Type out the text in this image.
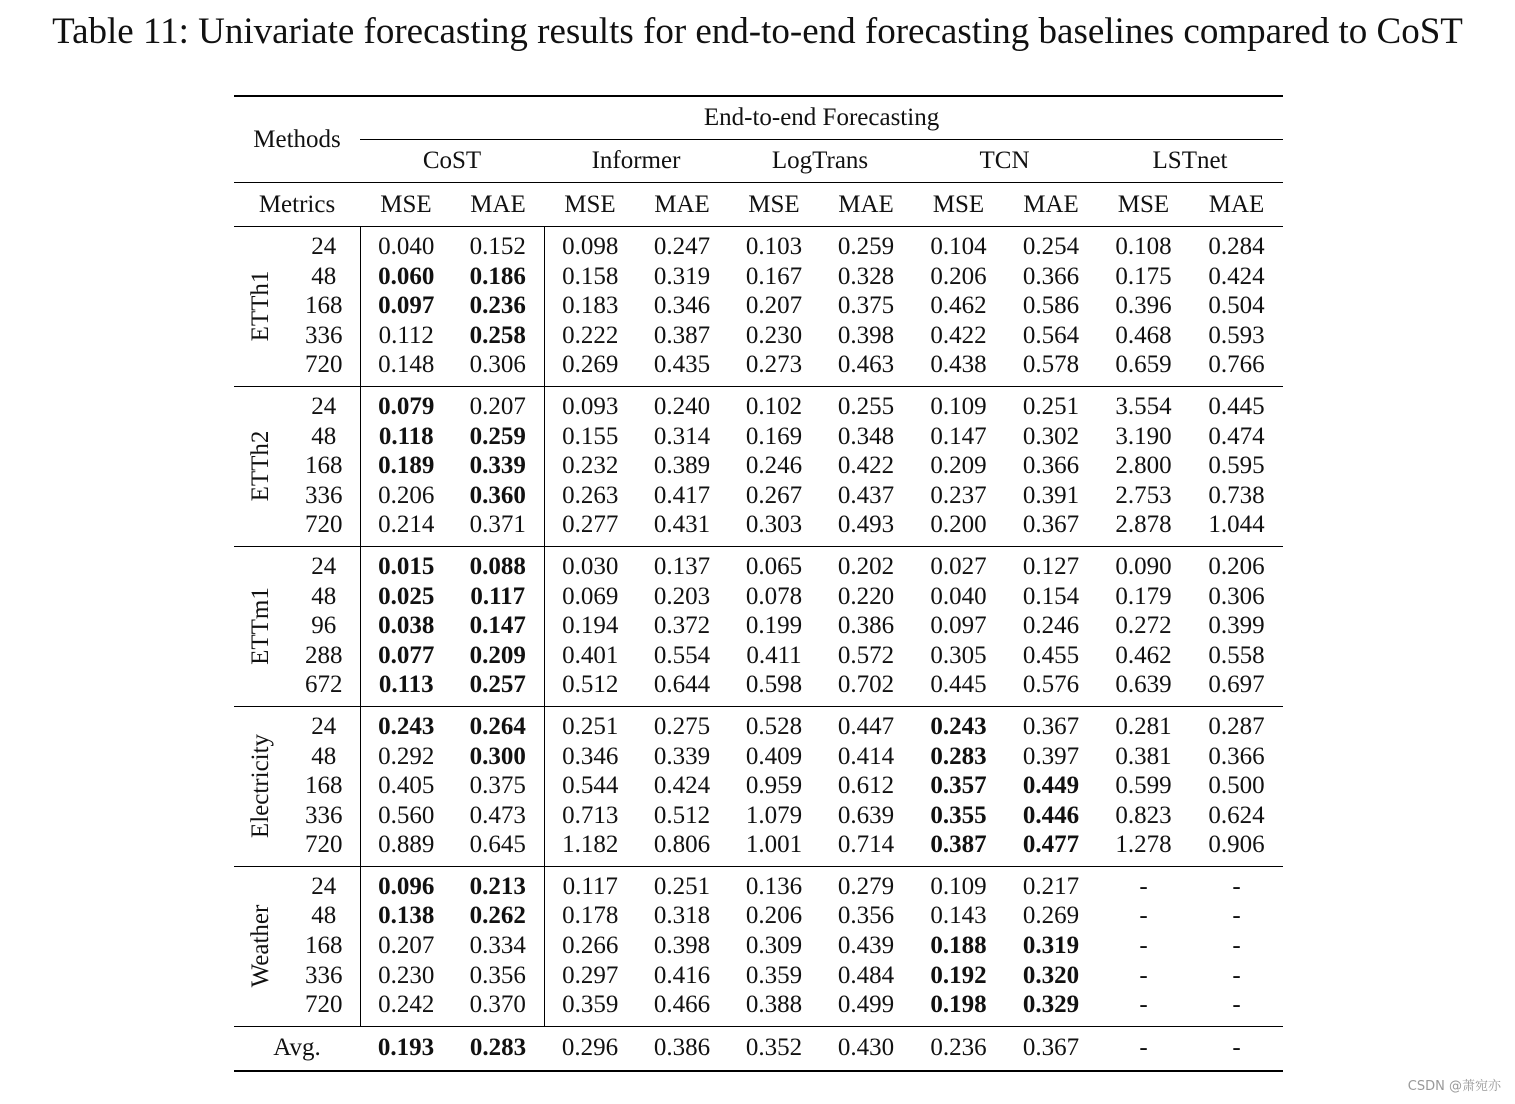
Table 11: Univariate forecasting results for end-to-end forecasting baselines compared to CoST
Methods		End-to-end Forecasting									
		CoST		Informer		LogTrans		TCN		LSTnet	
Metrics		MSE	MAE	MSE	MAE	MSE	MAE	MSE	MAE	MSE	MAE

ETTh1	24	0.040	0.152	0.098	0.247	0.103	0.259	0.104	0.254	0.108	0.284
	48	0.060	0.186	0.158	0.319	0.167	0.328	0.206	0.366	0.175	0.424
	168	0.097	0.236	0.183	0.346	0.207	0.375	0.462	0.586	0.396	0.504
	336	0.112	0.258	0.222	0.387	0.230	0.398	0.422	0.564	0.468	0.593
	720	0.148	0.306	0.269	0.435	0.273	0.463	0.438	0.578	0.659	0.766

ETTh2	24	0.079	0.207	0.093	0.240	0.102	0.255	0.109	0.251	3.554	0.445
	48	0.118	0.259	0.155	0.314	0.169	0.348	0.147	0.302	3.190	0.474
	168	0.189	0.339	0.232	0.389	0.246	0.422	0.209	0.366	2.800	0.595
	336	0.206	0.360	0.263	0.417	0.267	0.437	0.237	0.391	2.753	0.738
	720	0.214	0.371	0.277	0.431	0.303	0.493	0.200	0.367	2.878	1.044

ETTm1	24	0.015	0.088	0.030	0.137	0.065	0.202	0.027	0.127	0.090	0.206
	48	0.025	0.117	0.069	0.203	0.078	0.220	0.040	0.154	0.179	0.306
	96	0.038	0.147	0.194	0.372	0.199	0.386	0.097	0.246	0.272	0.399
	288	0.077	0.209	0.401	0.554	0.411	0.572	0.305	0.455	0.462	0.558
	672	0.113	0.257	0.512	0.644	0.598	0.702	0.445	0.576	0.639	0.697

Electricity	24	0.243	0.264	0.251	0.275	0.528	0.447	0.243	0.367	0.281	0.287
	48	0.292	0.300	0.346	0.339	0.409	0.414	0.283	0.397	0.381	0.366
	168	0.405	0.375	0.544	0.424	0.959	0.612	0.357	0.449	0.599	0.500
	336	0.560	0.473	0.713	0.512	1.079	0.639	0.355	0.446	0.823	0.624
	720	0.889	0.645	1.182	0.806	1.001	0.714	0.387	0.477	1.278	0.906

Weather	24	0.096	0.213	0.117	0.251	0.136	0.279	0.109	0.217	-	-
	48	0.138	0.262	0.178	0.318	0.206	0.356	0.143	0.269	-	-
	168	0.207	0.334	0.266	0.398	0.309	0.439	0.188	0.319	-	-
	336	0.230	0.356	0.297	0.416	0.359	0.484	0.192	0.320	-	-
	720	0.242	0.370	0.359	0.466	0.388	0.499	0.198	0.329	-	-
Avg.		0.193	0.283	0.296	0.386	0.352	0.430	0.236	0.367	-	-
CSDN @萧宛亦
